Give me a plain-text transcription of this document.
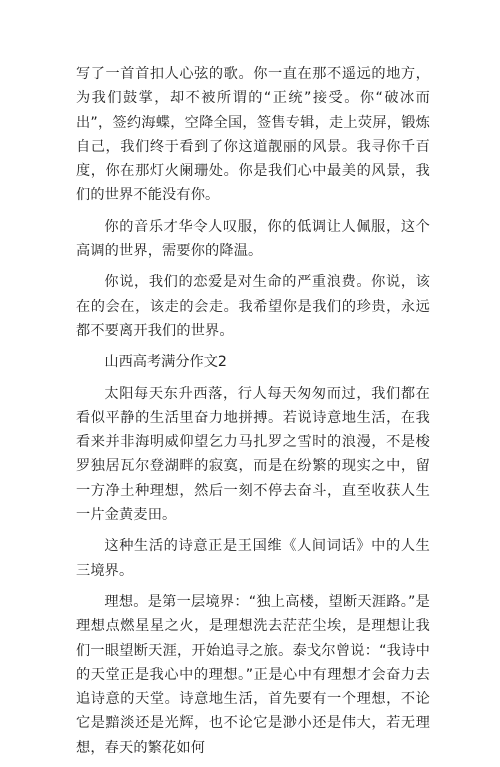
写了一首首扣人心弦的歌。你一直在那不遥远的地方，为我们鼓掌，却不被所谓的“正统”接受。你“破冰而出”，签约海蝶，空降全国，签售专辑，走上荧屏，锻炼自己，我们终于看到了你这道靓丽的风景。我寻你千百度，你在那灯火阑珊处。你是我们心中最美的风景，我们的世界不能没有你。

你的音乐才华令人叹服，你的低调让人佩服，这个高调的世界，需要你的降温。

你说，我们的恋爱是对生命的严重浪费。你说，该在的会在，该走的会走。我希望你是我们的珍贵，永远都不要离开我们的世界。

山西高考满分作文2

太阳每天东升西落，行人每天匆匆而过，我们都在看似平静的生活里奋力地拼搏。若说诗意地生活，在我看来并非海明威仰望乞力马扎罗之雪时的浪漫，不是梭罗独居瓦尔登湖畔的寂寞，而是在纷繁的现实之中，留一方净土种理想，然后一刻不停去奋斗，直至收获人生一片金黄麦田。

这种生活的诗意正是王国维《人间词话》中的人生三境界。

理想。是第一层境界：“独上高楼，望断天涯路。”是理想点燃星星之火，是理想洗去茫茫尘埃，是理想让我们一眼望断天涯，开始追寻之旅。泰戈尔曾说：“我诗中的天堂正是我心中的理想。”正是心中有理想才会奋力去追诗意的天堂。诗意地生活，首先要有一个理想，不论它是黯淡还是光辉，也不论它是渺小还是伟大，若无理想，春天的繁花如何
